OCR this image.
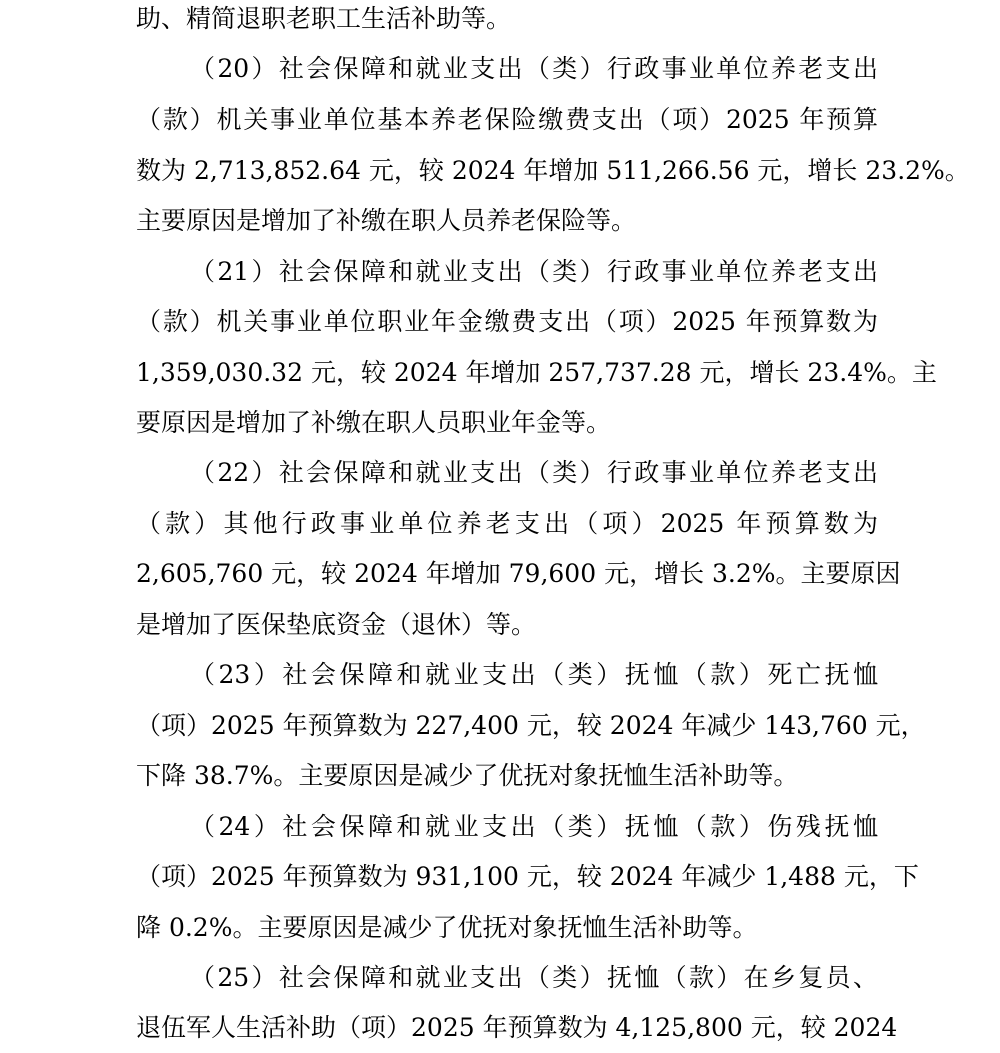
助、精简退职老职工生活补助等。
（20）社会保障和就业支出（类）行政事业单位养老支出
（款）机关事业单位基本养老保险缴费支出（项）2025 年预算
数为 2,713,852.64 元，较 2024 年增加 511,266.56 元，增长 23.2%。
主要原因是增加了补缴在职人员养老保险等。
（21）社会保障和就业支出（类）行政事业单位养老支出
（款）机关事业单位职业年金缴费支出（项）2025 年预算数为
1,359,030.32 元，较 2024 年增加 257,737.28 元，增长 23.4%。主
要原因是增加了补缴在职人员职业年金等。
（22）社会保障和就业支出（类）行政事业单位养老支出
（款）其他行政事业单位养老支出（项）2025 年预算数为
2,605,760 元，较 2024 年增加 79,600 元，增长 3.2%。主要原因
是增加了医保垫底资金（退休）等。
（23）社会保障和就业支出（类）抚恤（款）死亡抚恤
（项）2025 年预算数为 227,400 元，较 2024 年减少 143,760 元，
下降 38.7%。主要原因是减少了优抚对象抚恤生活补助等。
（24）社会保障和就业支出（类）抚恤（款）伤残抚恤
（项）2025 年预算数为 931,100 元，较 2024 年减少 1,488 元，下
降 0.2%。主要原因是减少了优抚对象抚恤生活补助等。
（25）社会保障和就业支出（类）抚恤（款）在乡复员、
退伍军人生活补助（项）2025 年预算数为 4,125,800 元，较 2024
